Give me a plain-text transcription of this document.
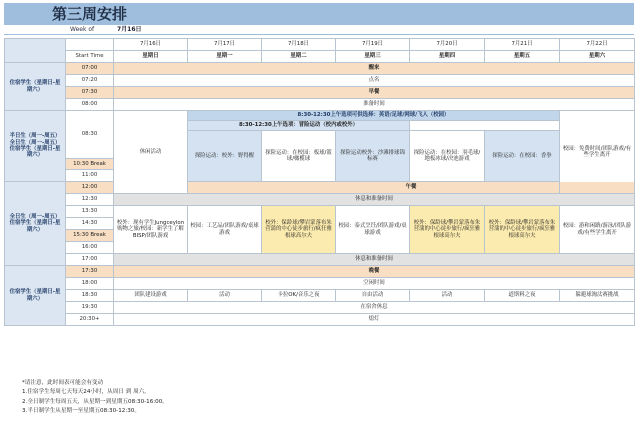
第三周安排
Week of	7月16日
		7月16日	7月17日	7月18日	7月19日	7月20日	7月21日	7月22日
	Start Time	星期日	星期一	星期二	星期三	星期四	星期五	星期六
住宿学生（星期日-星期六）	07:00	醒来						
	07:20	点名						
	07:30	早餐						
	08:00	准备时间						
半日生（周一-周五）全日生（周一-周五）住宿学生（星期日-星期六）	08:30	休闲活动	8:30-12:30上午选项可供选择：英语/足球/网球/飞人（校园）					校园：免费时间/团队游戏/有些学生离开
			8:30-12:30上午选项：冒险运动（校内或校外）					
			探险运动：校外：野得醒	探险运动：在校园：板球/篮球/橄榄球	探险运动校外：沙滩排球锦标赛	探险运动：在校园：羽毛球/地板冰球/决池游戏	探险运动：在校园：香拳	

	10:30 Break							
	11:00							
全日生（周一-周五）住宿学生（星期日-星期六）	12:00		午餐					
	12:30	休息和准备时间						
	13:30	校外：现有学生Jungceylon购物之旅/校园：新学生了解BISP/团队游戏	校园：工艺品/团队游戏/桌球游戏	校外：保龄球/攀岩蒙落布朱营蒲的中心徒步旅行/疯狂雅根球高尔夫	校园：泰式烹饪/团队游戏/桌球游戏	校外：保龄球/攀岩蒙落布朱营蒲的中心徒步旅行/疯狂雅根球高尔夫	校外：保龄球/攀岩蒙落布朱营蒲的中心徒步旅行/疯狂雅根球高尔夫	校园：游和闲路/游泳/团队游戏/有些学生离开
	14:30							
	15:30 Break							
	16:00							
	17:00	休息和准备时间						
住宿学生（星期日-星期六）	17:30	晚餐						
	18:00	空闲时间						
	18:30	团队建设游戏	活动	卡拉OK/音乐之夜	自由活动	活动	道斯料之夜	躲避球淘汰赛挑战
	19:30	在宿舍休息						
	20:30+	熄灯						
*请注意，此时间表可能会有变动
1.住宿学生每周七天每天24小时，从周日 到 周六。
2.全日制学生每周五天，从星期一到星期五08:30-16:00。
3.半日制学生从星期一至星期五08:30-12:30。
